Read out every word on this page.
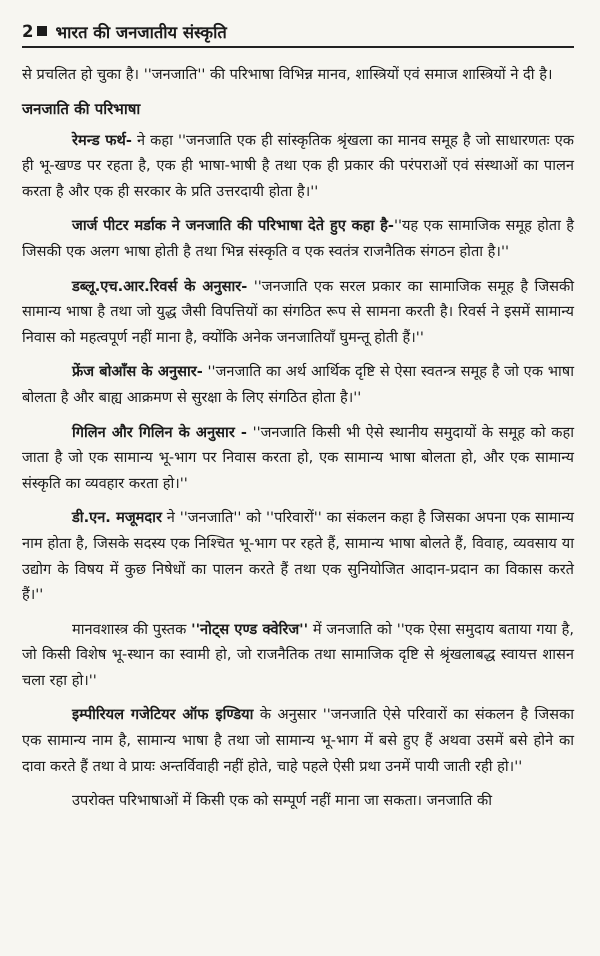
2 भारत की जनजातीय संस्कृति

से प्रचलित हो चुका है। ''जनजाति'' की परिभाषा विभिन्न मानव, शास्त्रियों एवं समाज शास्त्रियों ने दी है।

जनजाति की परिभाषा

रेमन्ड फर्थ- ने कहा ''जनजाति एक ही सांस्कृतिक श्रृंखला का मानव समूह है जो साधारणतः एक ही भू-खण्ड पर रहता है, एक ही भाषा-भाषी है तथा एक ही प्रकार की परंपराओं एवं संस्थाओं का पालन करता है और एक ही सरकार के प्रति उत्तरदायी होता है।''

जार्ज पीटर मर्डाक ने जनजाति की परिभाषा देते हुए कहा है-''यह एक सामाजिक समूह होता है जिसकी एक अलग भाषा होती है तथा भिन्न संस्कृति व एक स्वतंत्र राजनैतिक संगठन होता है।''

डब्लू.एच.आर.रिवर्स के अनुसार- ''जनजाति एक सरल प्रकार का सामाजिक समूह है जिसकी सामान्य भाषा है तथा जो युद्ध जैसी विपत्तियों का संगठित रूप से सामना करती है। रिवर्स ने इसमें सामान्य निवास को महत्वपूर्ण नहीं माना है, क्योंकि अनेक जनजातियाँ घुमन्तू होती हैं।''

फ्रेंज बोआँस के अनुसार- ''जनजाति का अर्थ आर्थिक दृष्टि से ऐसा स्वतन्त्र समूह है जो एक भाषा बोलता है और बाह्य आक्रमण से सुरक्षा के लिए संगठित होता है।''

गिलिन और गिलिन के अनुसार - ''जनजाति किसी भी ऐसे स्थानीय समुदायों के समूह को कहा जाता है जो एक सामान्य भू-भाग पर निवास करता हो, एक सामान्य भाषा बोलता हो, और एक सामान्य संस्कृति का व्यवहार करता हो।''

डी.एन. मजूमदार ने ''जनजाति'' को ''परिवारों'' का संकलन कहा है जिसका अपना एक सामान्य नाम होता है, जिसके सदस्य एक निश्चित भू-भाग पर रहते हैं, सामान्य भाषा बोलते हैं, विवाह, व्यवसाय या उद्योग के विषय में कुछ निषेधों का पालन करते हैं तथा एक सुनियोजित आदान-प्रदान का विकास करते हैं।''

मानवशास्त्र की पुस्तक ''नोट्स एण्ड क्वेरिज'' में जनजाति को ''एक ऐसा समुदाय बताया गया है, जो किसी विशेष भू-स्थान का स्वामी हो, जो राजनैतिक तथा सामाजिक दृष्टि से श्रृंखलाबद्ध स्वायत्त शासन चला रहा हो।''

इम्पीरियल गजेटियर ऑफ इण्डिया के अनुसार ''जनजाति ऐसे परिवारों का संकलन है जिसका एक सामान्य नाम है, सामान्य भाषा है तथा जो सामान्य भू-भाग में बसे हुए हैं अथवा उसमें बसे होने का दावा करते हैं तथा वे प्रायः अन्तर्विवाही नहीं होते, चाहे पहले ऐसी प्रथा उनमें पायी जाती रही हो।''

उपरोक्त परिभाषाओं में किसी एक को सम्पूर्ण नहीं माना जा सकता। जनजाति की
